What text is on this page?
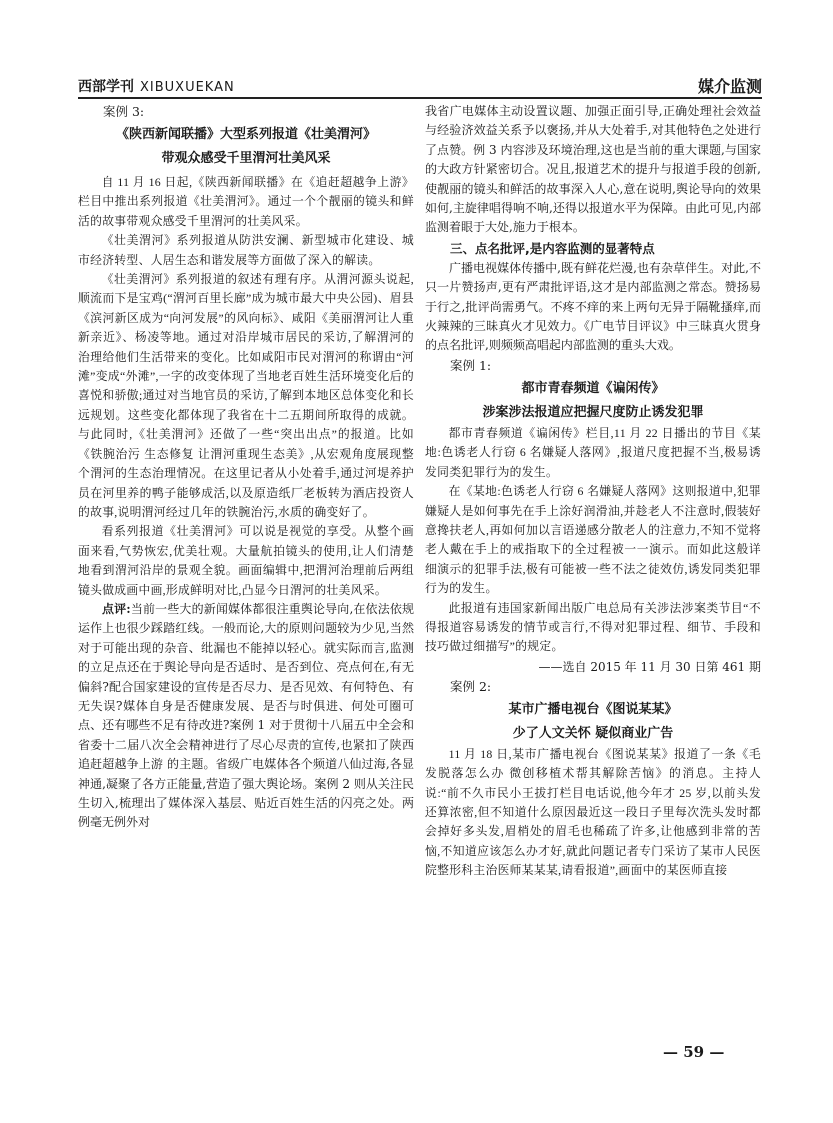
西部学刊 XIBUXUEKAN	媒介监测
案例 3:
《陕西新闻联播》大型系列报道《壮美渭河》
带观众感受千里渭河壮美风采

自 11 月 16 日起,《陕西新闻联播》在《追赶超越争上游》栏目中推出系列报道《壮美渭河》。通过一个个靓丽的镜头和鲜活的故事带观众感受千里渭河的壮美风采。

《壮美渭河》系列报道从防洪安澜、新型城市化建设、城市经济转型、人居生态和谐发展等方面做了深入的解读。

《壮美渭河》系列报道的叙述有理有序。从渭河源头说起,顺流而下是宝鸡(“渭河百里长廊”成为城市最大中央公园)、眉县《滨河新区成为“向河发展”的风向标》、咸阳《美丽渭河让人重新亲近》、杨凌等地。通过对沿岸城市居民的采访,了解渭河的治理给他们生活带来的变化。比如咸阳市民对渭河的称谓由“河滩”变成“外滩”,一字的改变体现了当地老百姓生活环境变化后的喜悦和骄傲;通过对当地官员的采访,了解到本地区总体变化和长远规划。这些变化都体现了我省在十二五期间所取得的成就。与此同时,《壮美渭河》还做了一些“突出出点”的报道。比如《铁腕治污 生态修复 让渭河重现生态美》,从宏观角度展现整个渭河的生态治理情况。在这里记者从小处着手,通过河堤养护员在河里养的鸭子能够成活,以及原造纸厂老板转为酒店投资人的故事,说明渭河经过几年的铁腕治污,水质的确变好了。

看系列报道《壮美渭河》可以说是视觉的享受。从整个画面来看,气势恢宏,优美壮观。大量航拍镜头的使用,让人们清楚地看到渭河沿岸的景观全貌。画面编辑中,把渭河治理前后两组镜头做成画中画,形成鲜明对比,凸显今日渭河的壮美风采。

点评:当前一些大的新闻媒体都很注重舆论导向,在依法依规运作上也很少踩踏红线。一般而论,大的原则问题较为少见,当然对于可能出现的杂音、纰漏也不能掉以轻心。就实际而言,监测的立足点还在于舆论导向是否适时、是否到位、亮点何在,有无偏斜?配合国家建设的宣传是否尽力、是否见效、有何特色、有无失误?媒体自身是否健康发展、是否与时俱进、何处可圈可点、还有哪些不足有待改进?案例 1 对于贯彻十八届五中全会和省委十二届八次全会精神进行了尽心尽责的宣传,也紧扣了陕西 追赶超越争上游 的主题。省级广电媒体各个频道八仙过海,各显神通,凝聚了各方正能量,营造了强大舆论场。案例 2 则从关注民生切入,梳理出了媒体深入基层、贴近百姓生活的闪亮之处。两例毫无例外对

我省广电媒体主动设置议题、加强正面引导,正确处理社会效益与经验济效益关系予以褒扬,并从大处着手,对其他特色之处进行了点赞。例 3 内容涉及环境治理,这也是当前的重大课题,与国家的大政方针紧密切合。况且,报道艺术的提升与报道手段的创新,使靓丽的镜头和鲜活的故事深入人心,意在说明,舆论导向的效果如何,主旋律唱得响不响,还得以报道水平为保障。由此可见,内部监测着眼于大处,施力于根本。

三、点名批评,是内容监测的显著特点

广播电视媒体传播中,既有鲜花烂漫,也有杂草伴生。对此,不只一片赞扬声,更有严肃批评语,这才是内部监测之常态。赞扬易于行之,批评尚需勇气。不疼不痒的来上两句无异于隔靴搔痒,而火辣辣的三昧真火才见效力。《广电节目评议》中三昧真火贯身的点名批评,则频频高唱起内部监测的重头大戏。

案例 1:
都市青春频道《谝闲传》
涉案涉法报道应把握尺度防止诱发犯罪

都市青春频道《谝闲传》栏目,11 月 22 日播出的节目《某地:色诱老人行窃 6 名嫌疑人落网》,报道尺度把握不当,极易诱发同类犯罪行为的发生。

在《某地:色诱老人行窃 6 名嫌疑人落网》这则报道中,犯罪嫌疑人是如何事先在手上涂好润滑油,并趁老人不注意时,假装好意搀扶老人,再如何加以言语递感分散老人的注意力,不知不觉将老人戴在手上的戒指取下的全过程被一一演示。而如此这般详细演示的犯罪手法,极有可能被一些不法之徒效仿,诱发同类犯罪行为的发生。

此报道有违国家新闻出版广电总局有关涉法涉案类节目“不得报道容易诱发的情节或言行,不得对犯罪过程、细节、手段和技巧做过细描写”的规定。

——选自 2015 年 11 月 30 日第 461 期
案例 2:
某市广播电视台《图说某某》
少了人文关怀 疑似商业广告

11 月 18 日,某市广播电视台《图说某某》报道了一条《毛发脱落怎么办 微创移植术帮其解除苦恼》的消息。主持人说:“前不久市民小王拔打栏目电话说,他今年才 25 岁,以前头发还算浓密,但不知道什么原因最近这一段日子里每次洗头发时都会掉好多头发,眉梢处的眉毛也稀疏了许多,让他感到非常的苦恼,不知道应该怎么办才好,就此问题记者专门采访了某市人民医院整形科主治医师某某某,请看报道”,画面中的某医师直接

— 59 —
